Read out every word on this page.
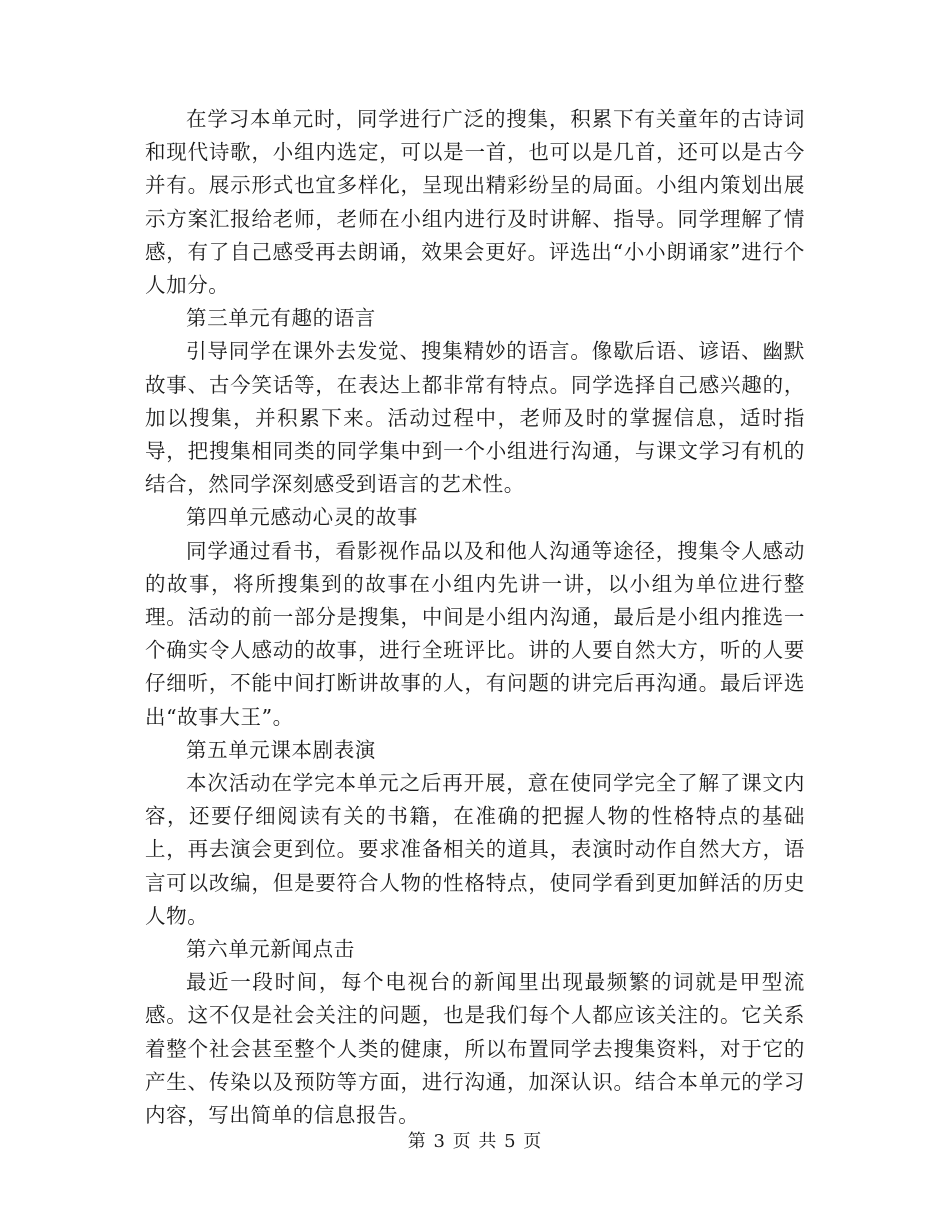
在学习本单元时，同学进行广泛的搜集，积累下有关童年的古诗词和现代诗歌，小组内选定，可以是一首，也可以是几首，还可以是古今并有。展示形式也宜多样化，呈现出精彩纷呈的局面。小组内策划出展示方案汇报给老师，老师在小组内进行及时讲解、指导。同学理解了情感，有了自己感受再去朗诵，效果会更好。评选出“小小朗诵家”进行个人加分。

第三单元有趣的语言

引导同学在课外去发觉、搜集精妙的语言。像歇后语、谚语、幽默故事、古今笑话等，在表达上都非常有特点。同学选择自己感兴趣的，加以搜集，并积累下来。活动过程中，老师及时的掌握信息，适时指导，把搜集相同类的同学集中到一个小组进行沟通，与课文学习有机的结合，然同学深刻感受到语言的艺术性。

第四单元感动心灵的故事

同学通过看书，看影视作品以及和他人沟通等途径，搜集令人感动的故事，将所搜集到的故事在小组内先讲一讲，以小组为单位进行整理。活动的前一部分是搜集，中间是小组内沟通，最后是小组内推选一个确实令人感动的故事，进行全班评比。讲的人要自然大方，听的人要仔细听，不能中间打断讲故事的人，有问题的讲完后再沟通。最后评选出“故事大王”。

第五单元课本剧表演

本次活动在学完本单元之后再开展，意在使同学完全了解了课文内容，还要仔细阅读有关的书籍，在准确的把握人物的性格特点的基础上，再去演会更到位。要求准备相关的道具，表演时动作自然大方，语言可以改编，但是要符合人物的性格特点，使同学看到更加鲜活的历史人物。

第六单元新闻点击

最近一段时间，每个电视台的新闻里出现最频繁的词就是甲型流感。这不仅是社会关注的问题，也是我们每个人都应该关注的。它关系着整个社会甚至整个人类的健康，所以布置同学去搜集资料，对于它的产生、传染以及预防等方面，进行沟通，加深认识。结合本单元的学习内容，写出简单的信息报告。

第 3 页 共 5 页
